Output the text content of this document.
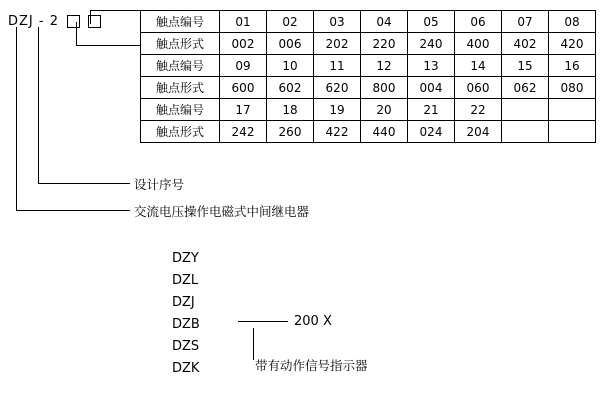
DZJ - 2	触点编号	01	02	03	04	05	06	07	08
触点形式	002	006	202	220	240	400	402	420
触点编号	09	10	11	12	13	14	15	16
触点形式	600	602	620	800	004	060	062	080
触点编号	17	18	19	20	21	22		
触点形式	242	260	422	440	024	204		
设计序号
交流电压操作电磁式中间继电器
DZY
DZL
DZJ
DZB
DZS
DZK
200 X
带有动作信号指示器
